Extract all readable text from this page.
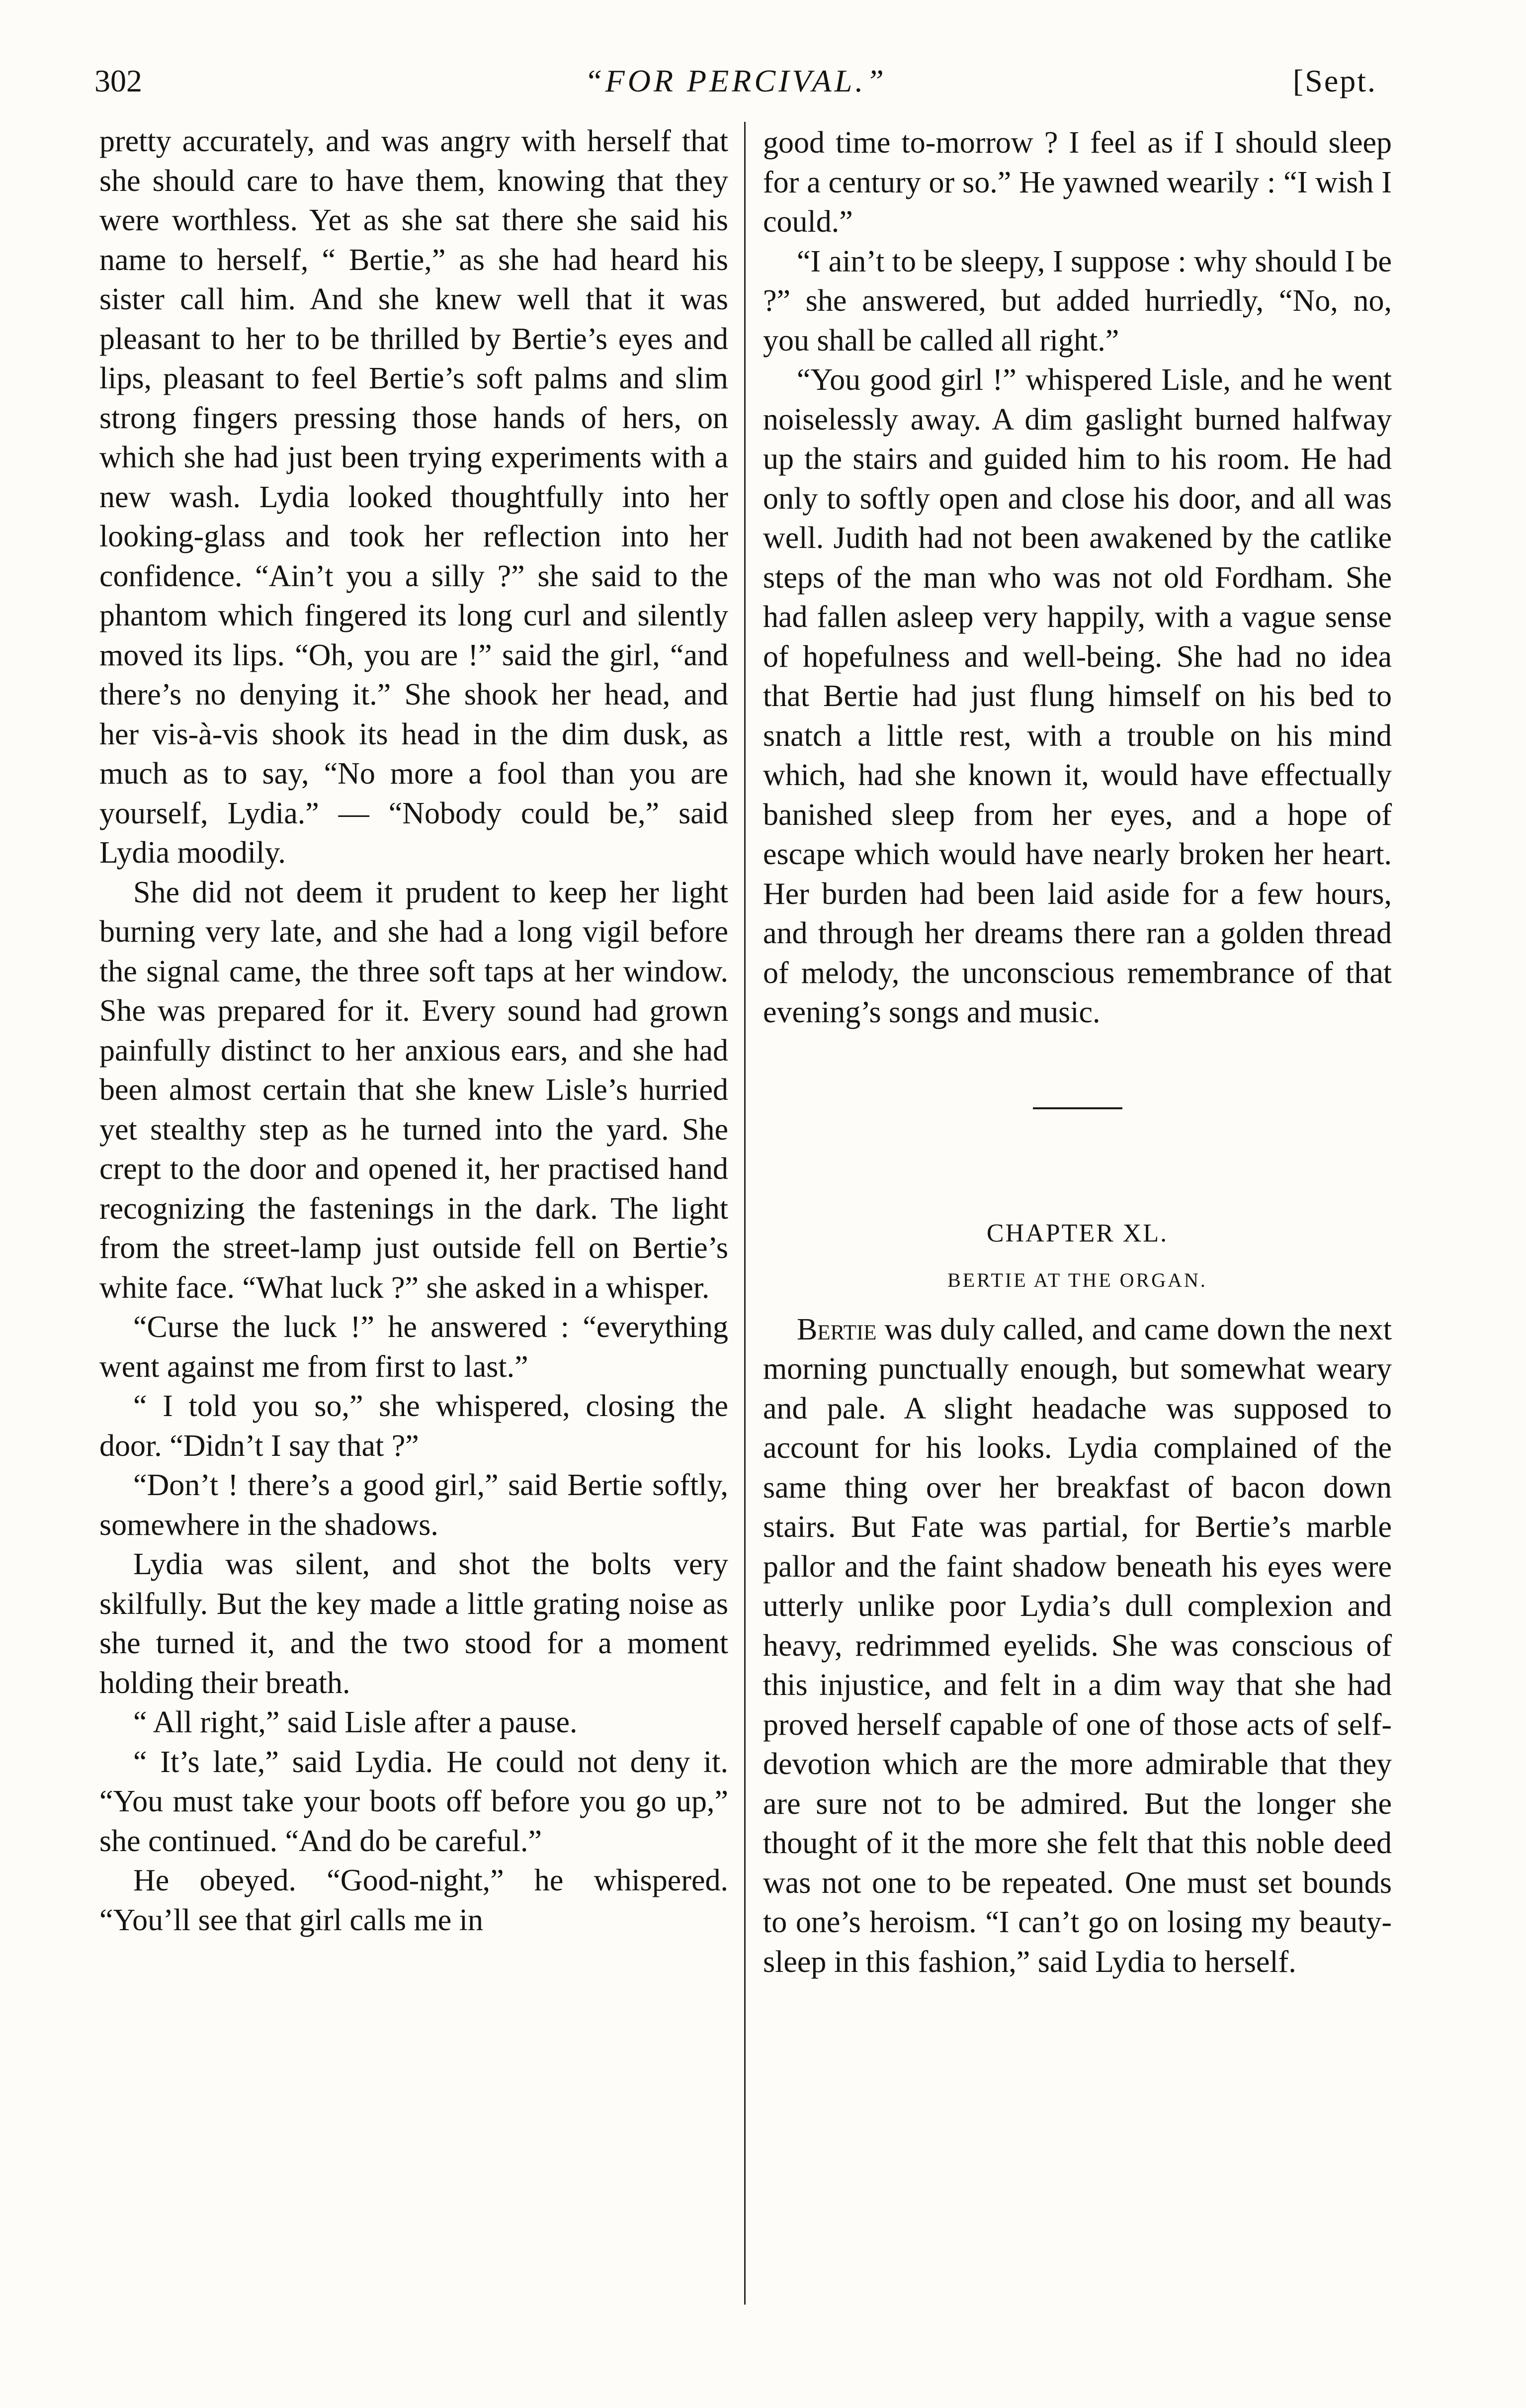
302	“FOR PERCIVAL.”	[Sept.

pretty accurately, and was angry with herself that she should care to have them, knowing that they were worthless. Yet as she sat there she said his name to herself, “ Bertie,” as she had heard his sister call him. And she knew well that it was pleasant to her to be thrilled by Bertie’s eyes and lips, pleasant to feel Bertie’s soft palms and slim strong fingers pressing those hands of hers, on which she had just been trying experiments with a new wash. Lydia looked thoughtfully into her looking-glass and took her reflection into her confidence. “Ain’t you a silly ?” she said to the phantom which fingered its long curl and silently moved its lips. “Oh, you are !” said the girl, “and there’s no denying it.” She shook her head, and her vis-à-vis shook its head in the dim dusk, as much as to say, “No more a fool than you are yourself, Lydia.” — “Nobody could be,” said Lydia moodily.

She did not deem it prudent to keep her light burning very late, and she had a long vigil before the signal came, the three soft taps at her window. She was prepared for it. Every sound had grown painfully distinct to her anxious ears, and she had been almost certain that she knew Lisle’s hurried yet stealthy step as he turned into the yard. She crept to the door and opened it, her practised hand recognizing the fastenings in the dark. The light from the street-lamp just outside fell on Bertie’s white face. “What luck ?” she asked in a whisper.

“Curse the luck !” he answered : “everything went against me from first to last.”

“ I told you so,” she whispered, closing the door. “Didn’t I say that ?”

“Don’t ! there’s a good girl,” said Bertie softly, somewhere in the shadows.

Lydia was silent, and shot the bolts very skilfully. But the key made a little grating noise as she turned it, and the two stood for a moment holding their breath.

“ All right,” said Lisle after a pause.

“ It’s late,” said Lydia. He could not deny it. “You must take your boots off before you go up,” she continued. “And do be careful.”

He obeyed. “Good-night,” he whispered. “You’ll see that girl calls me in

good time to-morrow ? I feel as if I should sleep for a century or so.” He yawned wearily : “I wish I could.”

“I ain’t to be sleepy, I suppose : why should I be ?” she answered, but added hurriedly, “No, no, you shall be called all right.”

“You good girl !” whispered Lisle, and he went noiselessly away. A dim gaslight burned halfway up the stairs and guided him to his room. He had only to softly open and close his door, and all was well. Judith had not been awakened by the catlike steps of the man who was not old Fordham. She had fallen asleep very happily, with a vague sense of hopefulness and well-being. She had no idea that Bertie had just flung himself on his bed to snatch a little rest, with a trouble on his mind which, had she known it, would have effectually banished sleep from her eyes, and a hope of escape which would have nearly broken her heart. Her burden had been laid aside for a few hours, and through her dreams there ran a golden thread of melody, the unconscious remembrance of that evening’s songs and music.

CHAPTER XL.
BERTIE AT THE ORGAN.

Bertie was duly called, and came down the next morning punctually enough, but somewhat weary and pale. A slight headache was supposed to account for his looks. Lydia complained of the same thing over her breakfast of bacon down stairs. But Fate was partial, for Bertie’s marble pallor and the faint shadow beneath his eyes were utterly unlike poor Lydia’s dull complexion and heavy, redrimmed eyelids. She was conscious of this injustice, and felt in a dim way that she had proved herself capable of one of those acts of self-devotion which are the more admirable that they are sure not to be admired. But the longer she thought of it the more she felt that this noble deed was not one to be repeated. One must set bounds to one’s heroism. “I can’t go on losing my beauty-sleep in this fashion,” said Lydia to herself.
